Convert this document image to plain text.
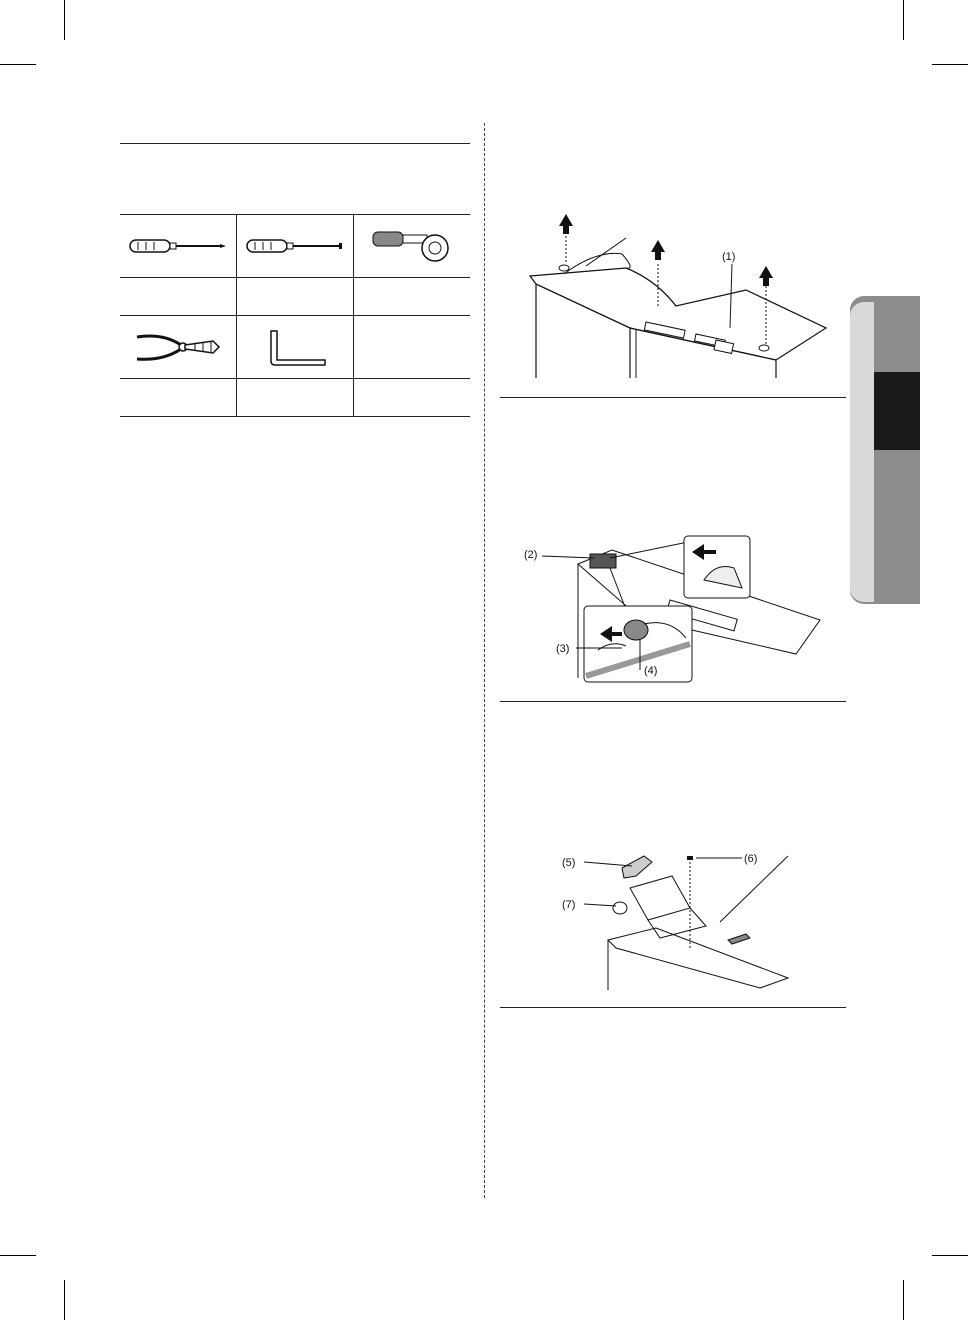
(1)
(2)
(3)
(4)
(5)
(7)
(6)
